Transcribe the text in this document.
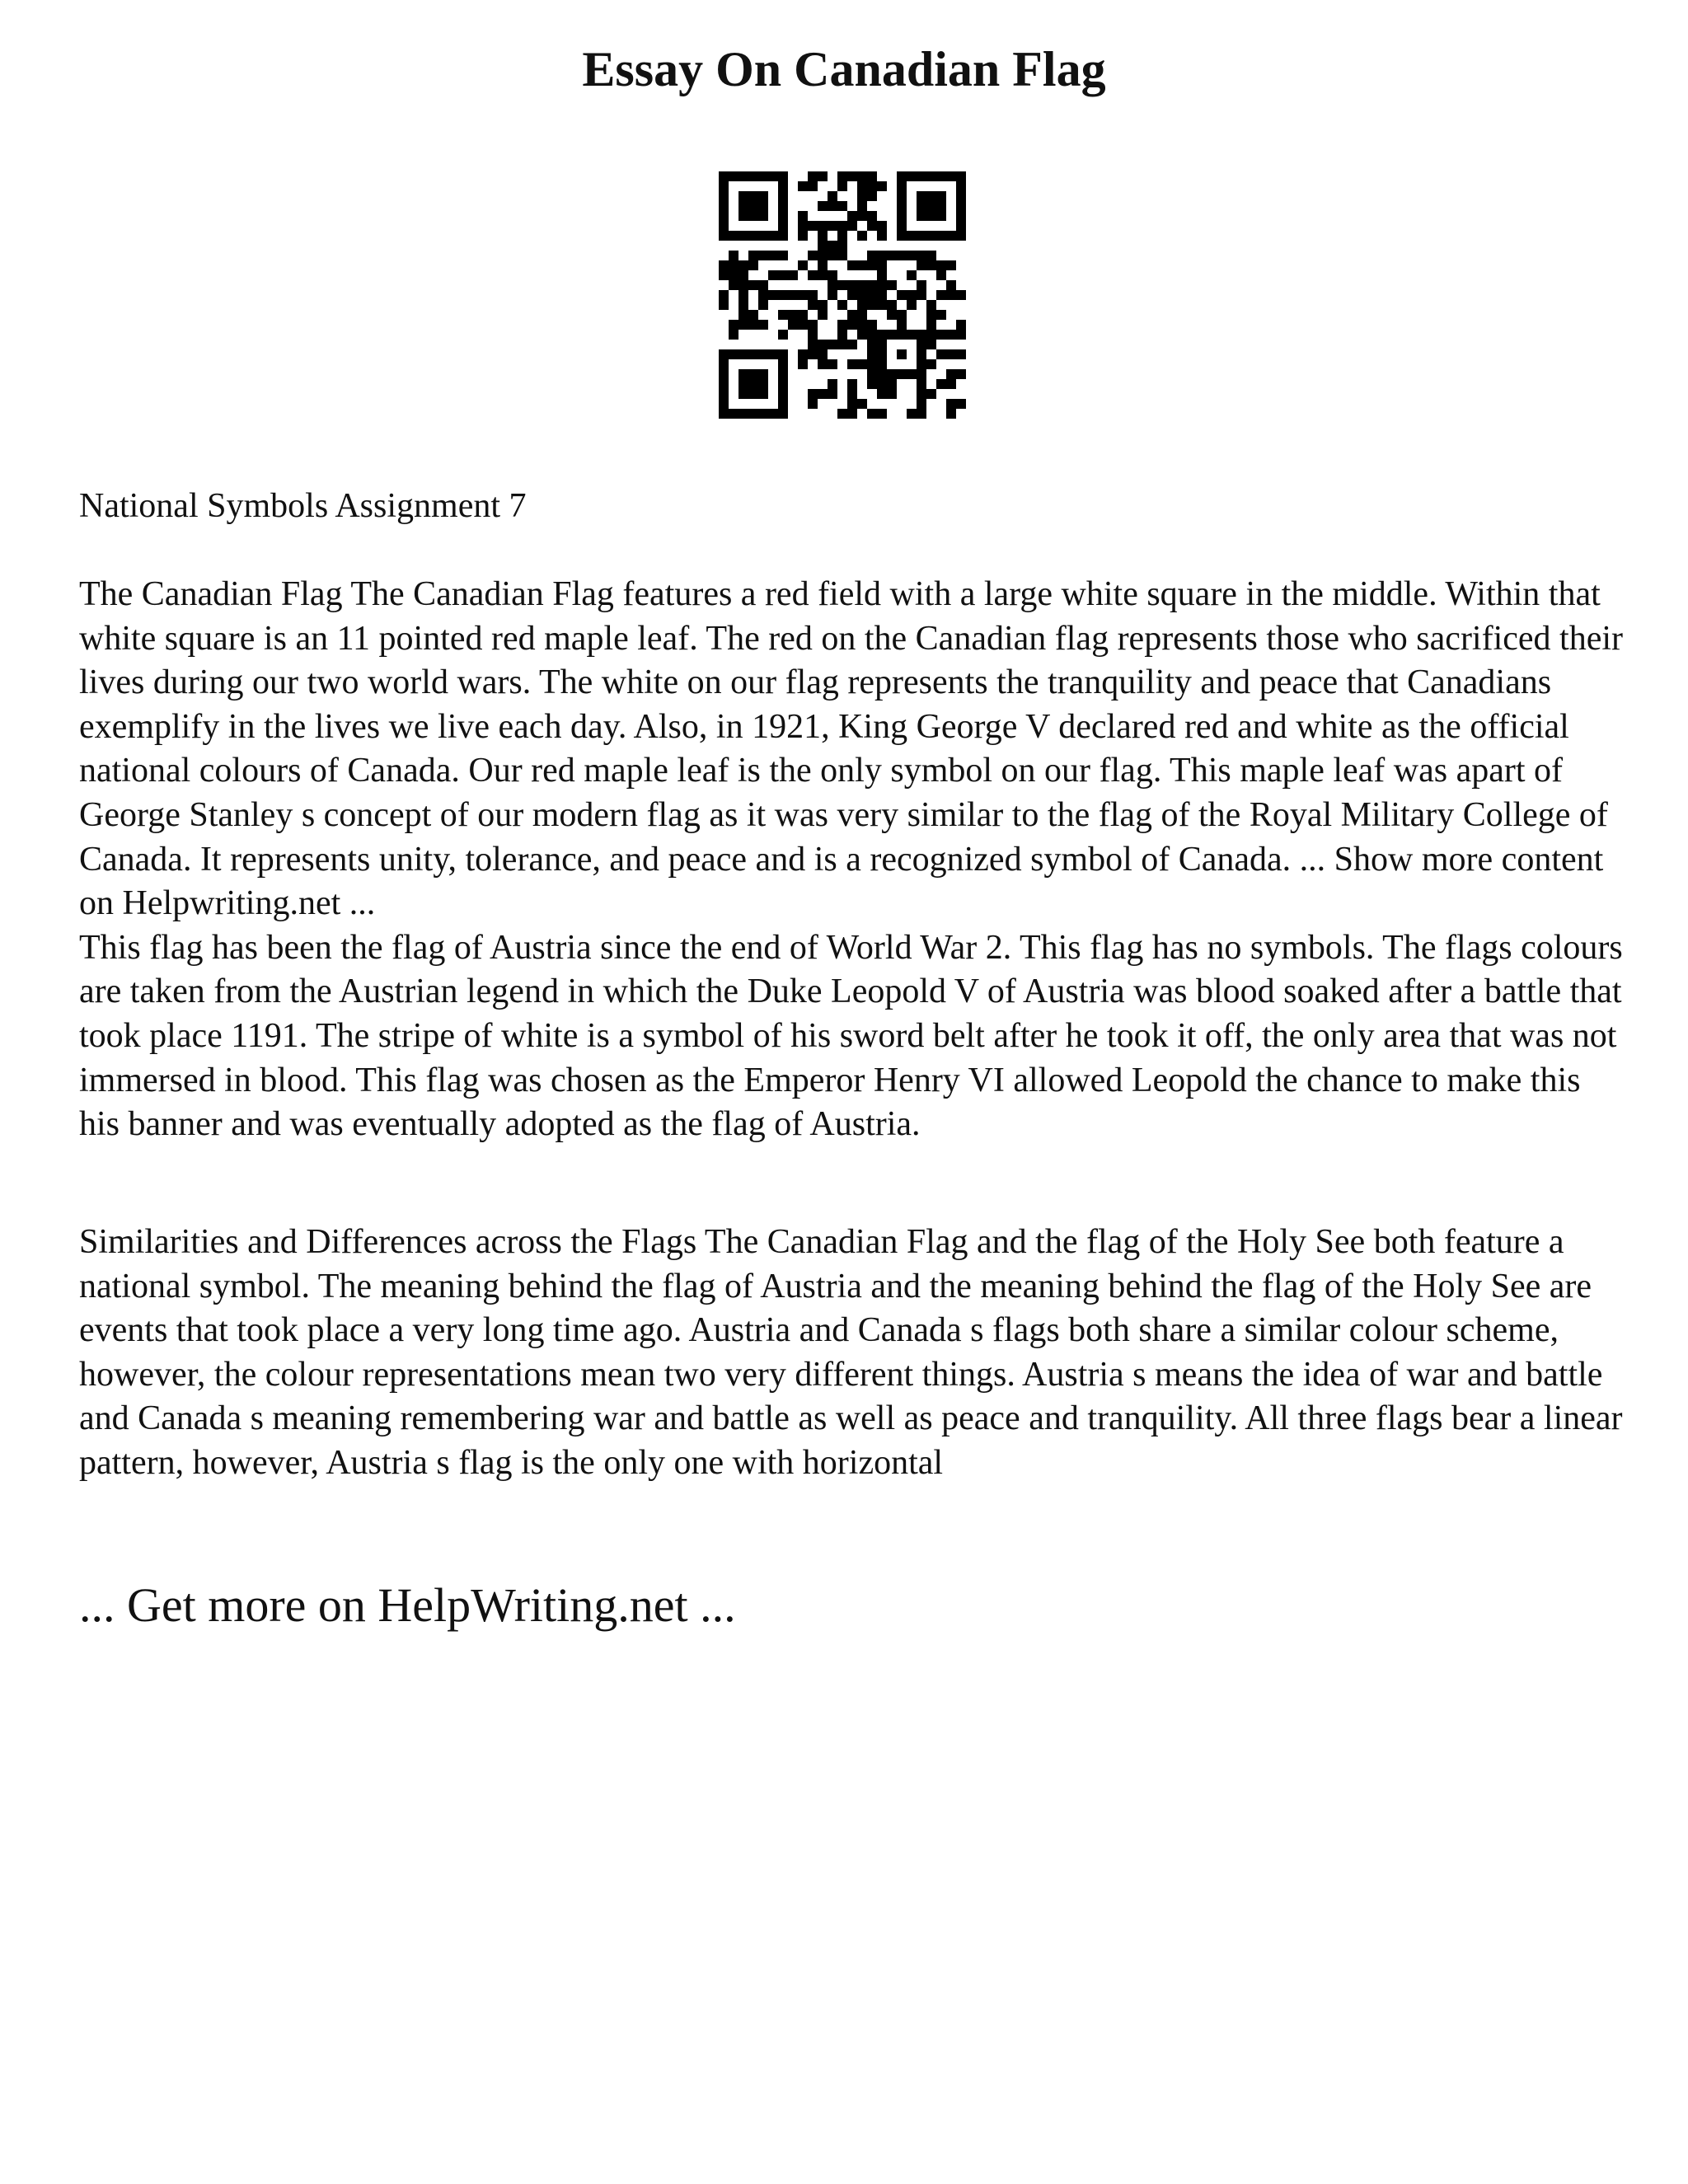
Essay On Canadian Flag

National Symbols Assignment 7

The Canadian Flag The Canadian Flag features a red field with a large white square in the middle. Within that white square is an 11 pointed red maple leaf. The red on the Canadian flag represents those who sacrificed their lives during our two world wars. The white on our flag represents the tranquility and peace that Canadians exemplify in the lives we live each day. Also, in 1921, King George V declared red and white as the official national colours of Canada. Our red maple leaf is the only symbol on our flag. This maple leaf was apart of George Stanley s concept of our modern flag as it was very similar to the flag of the Royal Military College of Canada. It represents unity, tolerance, and peace and is a recognized symbol of Canada. ... Show more content on Helpwriting.net ...
This flag has been the flag of Austria since the end of World War 2. This flag has no symbols. The flags colours are taken from the Austrian legend in which the Duke Leopold V of Austria was blood soaked after a battle that took place 1191. The stripe of white is a symbol of his sword belt after he took it off, the only area that was not immersed in blood. This flag was chosen as the Emperor Henry VI allowed Leopold the chance to make this his banner and was eventually adopted as the flag of Austria.

Similarities and Differences across the Flags The Canadian Flag and the flag of the Holy See both feature a national symbol. The meaning behind the flag of Austria and the meaning behind the flag of the Holy See are events that took place a very long time ago. Austria and Canada s flags both share a similar colour scheme, however, the colour representations mean two very different things. Austria s means the idea of war and battle and Canada s meaning remembering war and battle as well as peace and tranquility. All three flags bear a linear pattern, however, Austria s flag is the only one with horizontal

... Get more on HelpWriting.net ...
